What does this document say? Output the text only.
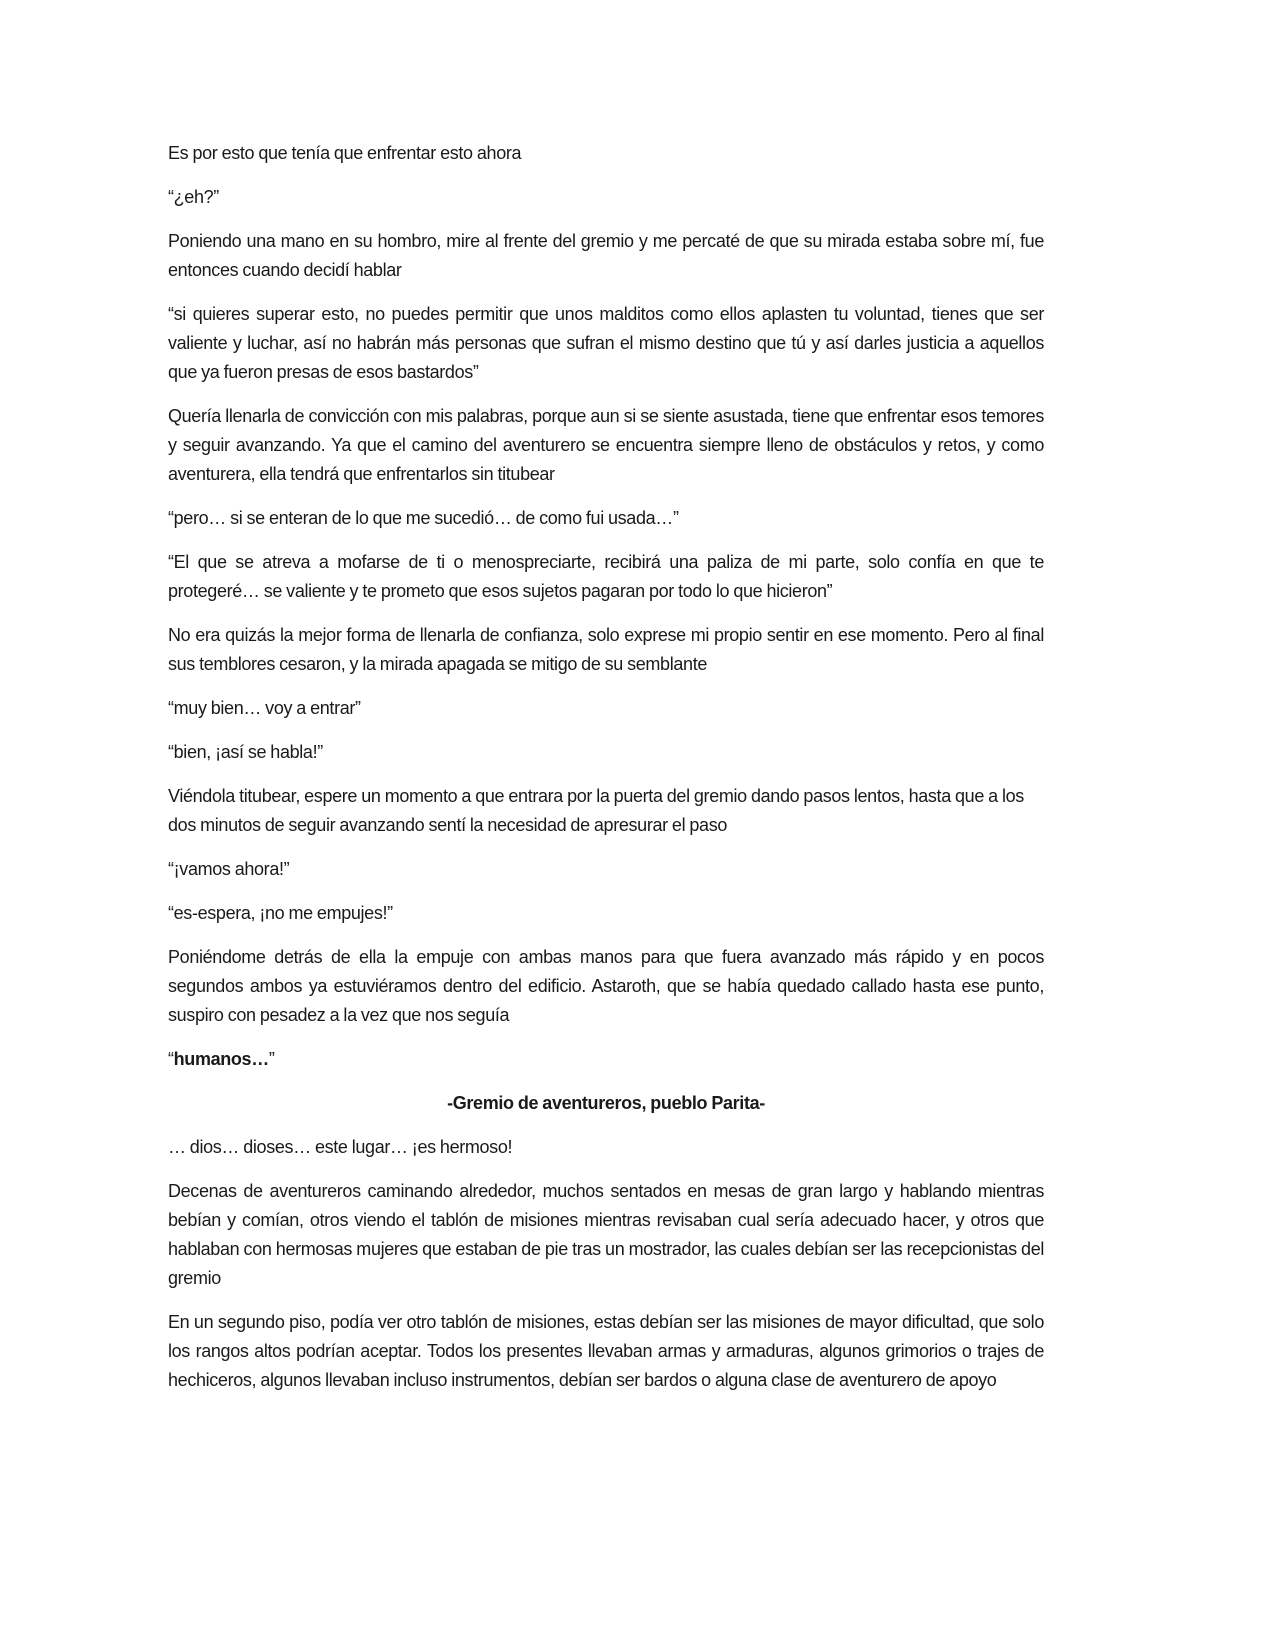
Es por esto que tenía que enfrentar esto ahora

“¿eh?”

Poniendo una mano en su hombro, mire al frente del gremio y me percaté de que su mirada estaba sobre mí, fue entonces cuando decidí hablar

“si quieres superar esto, no puedes permitir que unos malditos como ellos aplasten tu voluntad, tienes que ser valiente y luchar, así no habrán más personas que sufran el mismo destino que tú y así darles justicia a aquellos que ya fueron presas de esos bastardos”

Quería llenarla de convicción con mis palabras, porque aun si se siente asustada, tiene que enfrentar esos temores y seguir avanzando. Ya que el camino del aventurero se encuentra siempre lleno de obstáculos y retos, y como aventurera, ella tendrá que enfrentarlos sin titubear

“pero… si se enteran de lo que me sucedió… de como fui usada…”

“El que se atreva a mofarse de ti o menospreciarte, recibirá una paliza de mi parte, solo confía en que te protegeré… se valiente y te prometo que esos sujetos pagaran por todo lo que hicieron”

No era quizás la mejor forma de llenarla de confianza, solo exprese mi propio sentir en ese momento. Pero al final sus temblores cesaron, y la mirada apagada se mitigo de su semblante

“muy bien… voy a entrar”

“bien, ¡así se habla!”

Viéndola titubear, espere un momento a que entrara por la puerta del gremio dando pasos lentos, hasta que a los dos minutos de seguir avanzando sentí la necesidad de apresurar el paso

“¡vamos ahora!”

“es-espera, ¡no me empujes!”

Poniéndome detrás de ella la empuje con ambas manos para que fuera avanzado más rápido y en pocos segundos ambos ya estuviéramos dentro del edificio. Astaroth, que se había quedado callado hasta ese punto, suspiro con pesadez a la vez que nos seguía

“humanos…”

-Gremio de aventureros, pueblo Parita-

… dios… dioses… este lugar… ¡es hermoso!

Decenas de aventureros caminando alrededor, muchos sentados en mesas de gran largo y hablando mientras bebían y comían, otros viendo el tablón de misiones mientras revisaban cual sería adecuado hacer, y otros que hablaban con hermosas mujeres que estaban de pie tras un mostrador, las cuales debían ser las recepcionistas del gremio

En un segundo piso, podía ver otro tablón de misiones, estas debían ser las misiones de mayor dificultad, que solo los rangos altos podrían aceptar. Todos los presentes llevaban armas y armaduras, algunos grimorios o trajes de hechiceros, algunos llevaban incluso instrumentos, debían ser bardos o alguna clase de aventurero de apoyo
